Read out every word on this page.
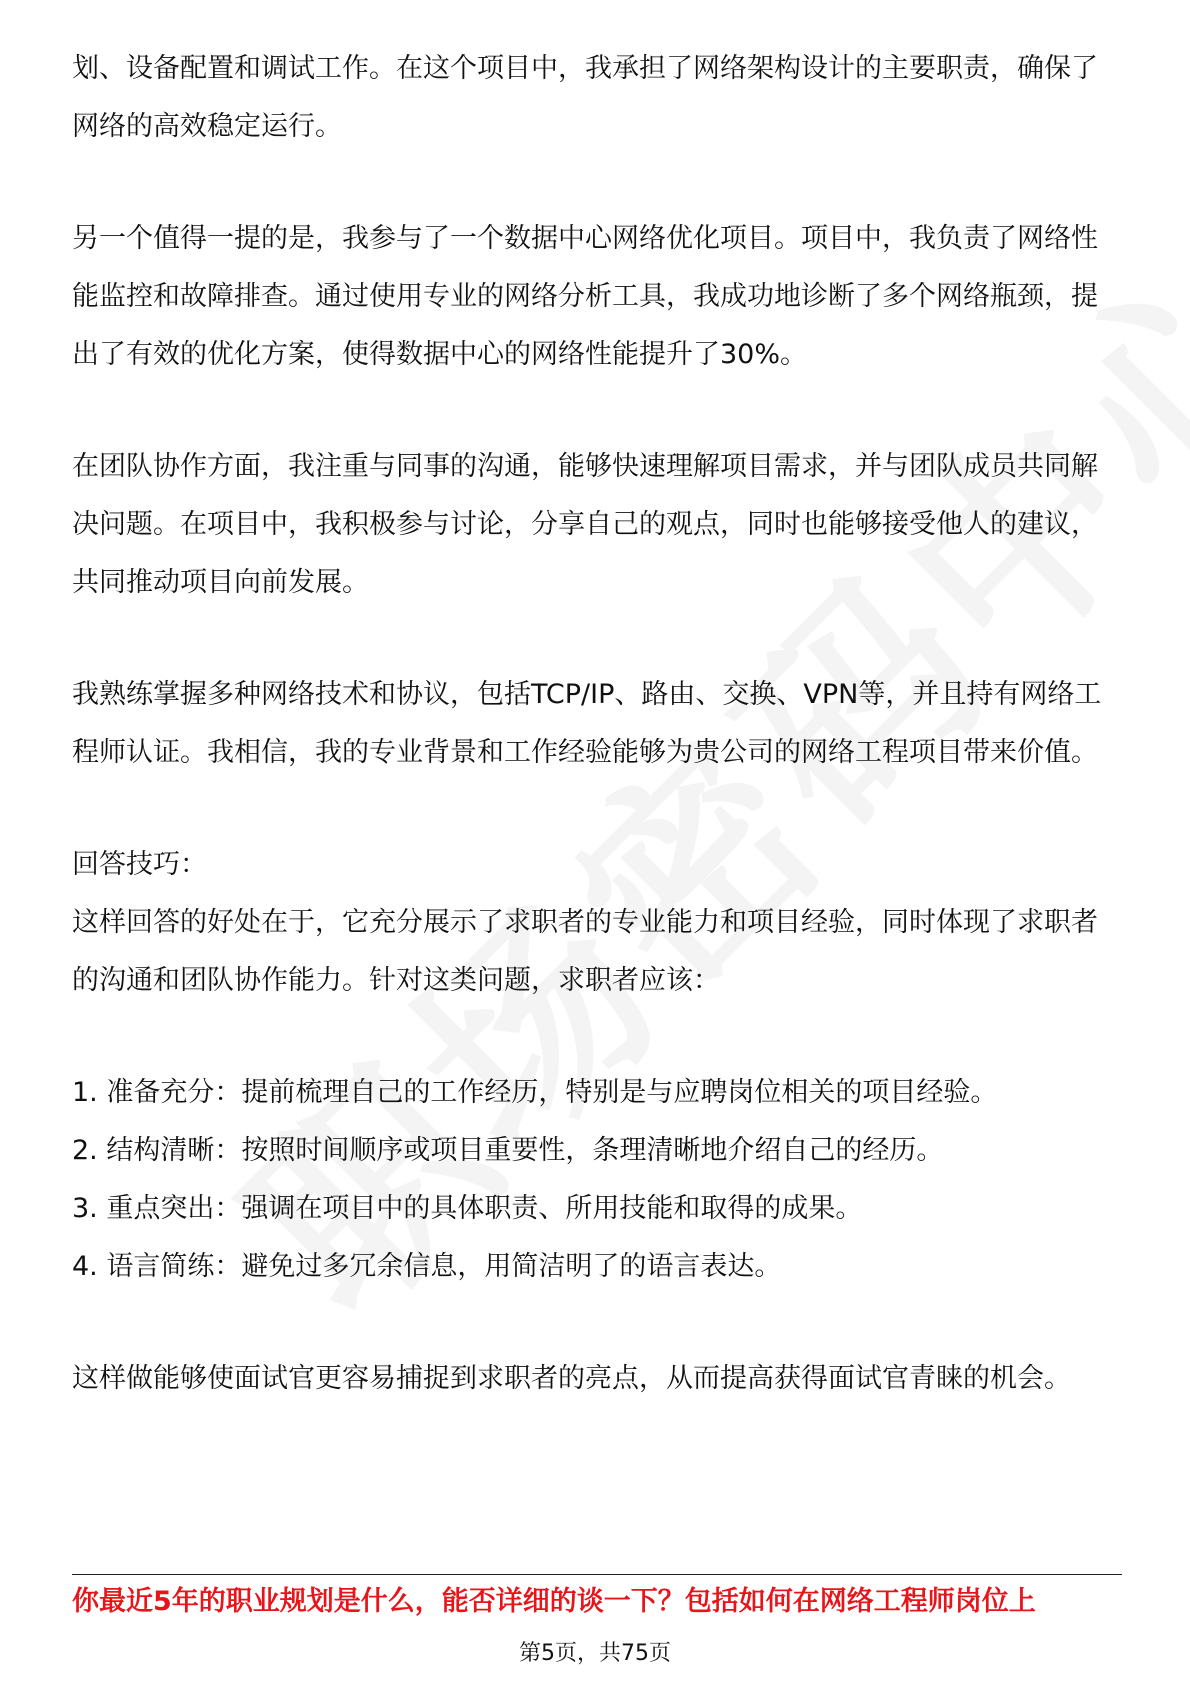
划、设备配置和调试工作。在这个项目中，我承担了网络架构设计的主要职责，确保了网络的高效稳定运行。

另一个值得一提的是，我参与了一个数据中心网络优化项目。项目中，我负责了网络性能监控和故障排查。通过使用专业的网络分析工具，我成功地诊断了多个网络瓶颈，提出了有效的优化方案，使得数据中心的网络性能提升了30%。

在团队协作方面，我注重与同事的沟通，能够快速理解项目需求，并与团队成员共同解决问题。在项目中，我积极参与讨论，分享自己的观点，同时也能够接受他人的建议，共同推动项目向前发展。

我熟练掌握多种网络技术和协议，包括TCP/IP、路由、交换、VPN等，并且持有网络工程师认证。我相信，我的专业背景和工作经验能够为贵公司的网络工程项目带来价值。

回答技巧：

这样回答的好处在于，它充分展示了求职者的专业能力和项目经验，同时体现了求职者的沟通和团队协作能力。针对这类问题，求职者应该：

1. 准备充分：提前梳理自己的工作经历，特别是与应聘岗位相关的项目经验。
2. 结构清晰：按照时间顺序或项目重要性，条理清晰地介绍自己的经历。
3. 重点突出：强调在项目中的具体职责、所用技能和取得的成果。
4. 语言简练：避免过多冗余信息，用简洁明了的语言表达。

这样做能够使面试官更容易捕捉到求职者的亮点，从而提高获得面试官青睐的机会。

你最近5年的职业规划是什么，能否详细的谈一下？包括如何在网络工程师岗位上
第5页，共75页
